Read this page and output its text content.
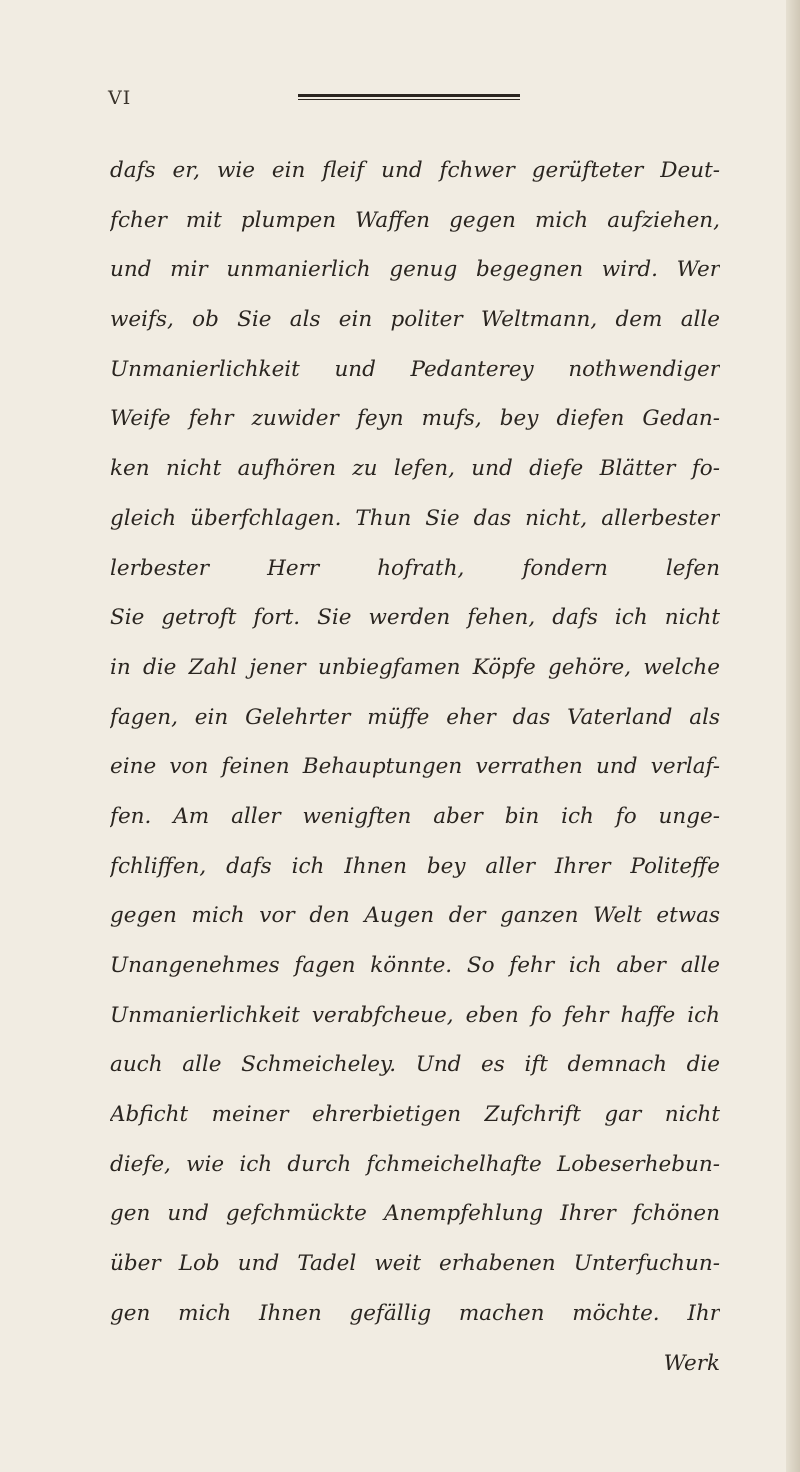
VI
dafs er, wie ein fleif und fchwer gerüfteter Deut-
fcher mit plumpen Waffen gegen mich aufziehen,
und mir unmanierlich genug begegnen wird. Wer
weifs, ob Sie als ein politer Weltmann, dem alle
Unmanierlichkeit und Pedanterey nothwendiger
Weife fehr zuwider feyn mufs, bey diefen Gedan-
ken nicht aufhören zu lefen, und diefe Blätter fo-
gleich überfchlagen. Thun Sie das nicht, allerbester
lerbester Herr hofrath, fondern lefen
Sie getroft fort. Sie werden fehen, dafs ich nicht
in die Zahl jener unbiegfamen Köpfe gehöre, welche
fagen, ein Gelehrter müffe eher das Vaterland als
eine von feinen Behauptungen verrathen und verlaf-
fen. Am aller wenigften aber bin ich fo unge-
fchliffen, dafs ich Ihnen bey aller Ihrer Politeffe
gegen mich vor den Augen der ganzen Welt etwas
Unangenehmes fagen könnte. So fehr ich aber alle
Unmanierlichkeit verabfcheue, eben fo fehr haffe ich
auch alle Schmeicheley. Und es ift demnach die
Abficht meiner ehrerbietigen Zufchrift gar nicht
diefe, wie ich durch fchmeichelhafte Lobeserhebun-
gen und gefchmückte Anempfehlung Ihrer fchönen
über Lob und Tadel weit erhabenen Unterfuchun-
gen mich Ihnen gefällig machen möchte. Ihr
Werk
